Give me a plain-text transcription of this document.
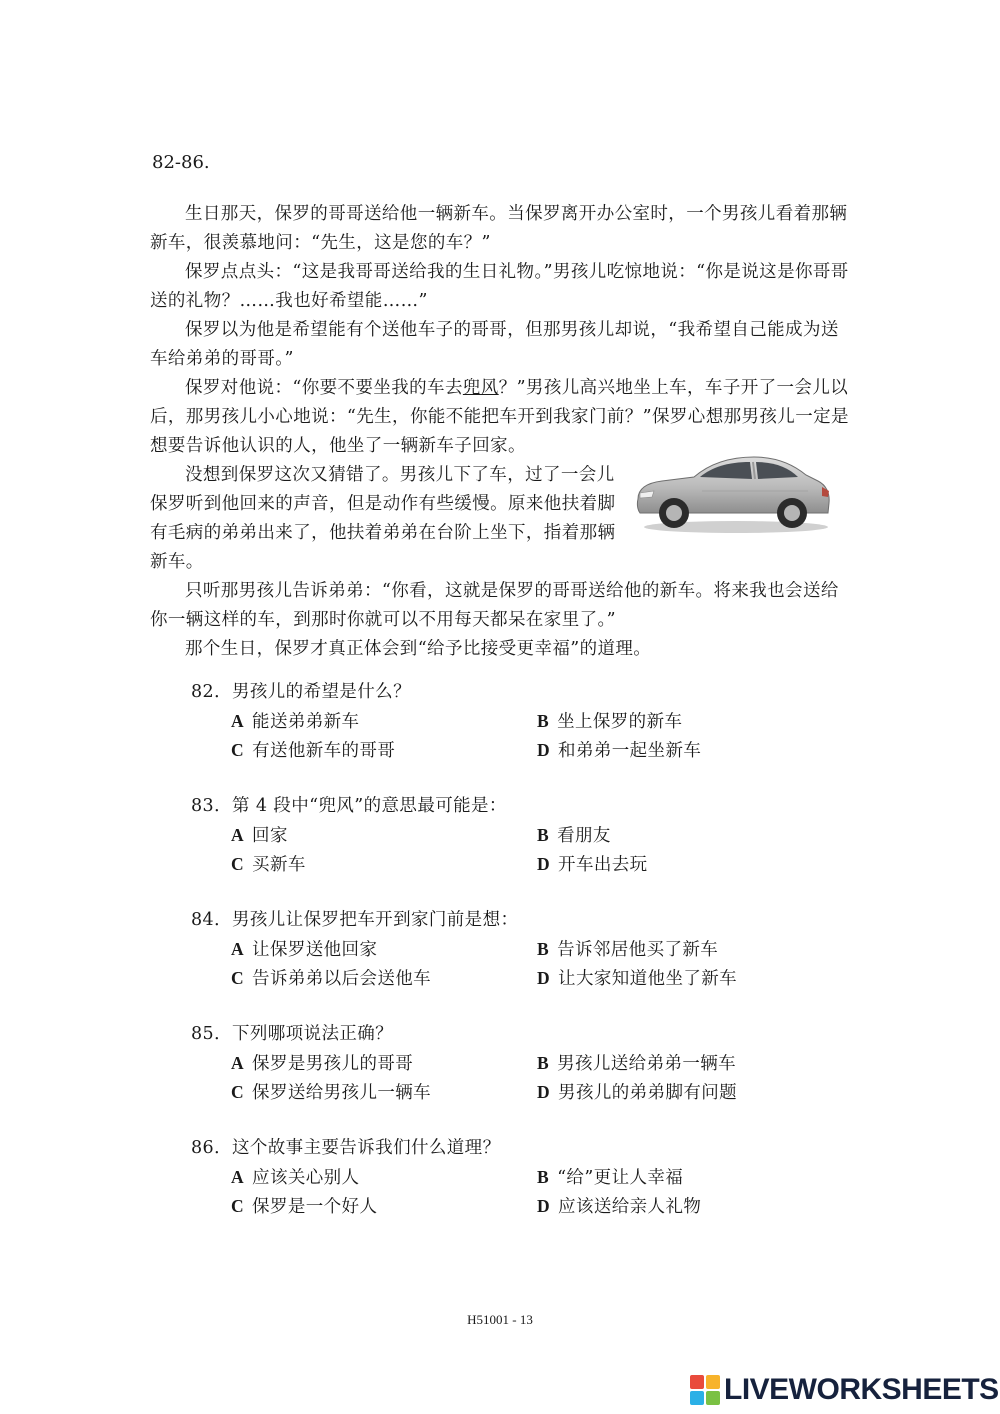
82-86.

生日那天，保罗的哥哥送给他一辆新车。当保罗离开办公室时，一个男孩儿看着那辆新车，很羡慕地问：“先生，这是您的车？”

保罗点点头：“这是我哥哥送给我的生日礼物。”男孩儿吃惊地说：“你是说这是你哥哥送的礼物？……我也好希望能……”

保罗以为他是希望能有个送他车子的哥哥，但那男孩儿却说，“我希望自己能成为送车给弟弟的哥哥。”

保罗对他说：“你要不要坐我的车去兜风？”男孩儿高兴地坐上车，车子开了一会儿以后，那男孩儿小心地说：“先生，你能不能把车开到我家门前？”保罗心想那男孩儿一定是想要告诉他认识的人，他坐了一辆新车子回家。

没想到保罗这次又猜错了。男孩儿下了车，过了一会儿保罗听到他回来的声音，但是动作有些缓慢。原来他扶着脚有毛病的弟弟出来了，他扶着弟弟在台阶上坐下，指着那辆新车。

只听那男孩儿告诉弟弟：“你看，这就是保罗的哥哥送给他的新车。将来我也会送给你一辆这样的车，到那时你就可以不用每天都呆在家里了。”

那个生日，保罗才真正体会到“给予比接受更幸福”的道理。

82．男孩儿的希望是什么？
A 能送弟弟新车	B 坐上保罗的新车
C 有送他新车的哥哥	D 和弟弟一起坐新车
83．第 4 段中“兜风”的意思最可能是：
A 回家	B 看朋友
C 买新车	D 开车出去玩
84．男孩儿让保罗把车开到家门前是想：
A 让保罗送他回家	B 告诉邻居他买了新车
C 告诉弟弟以后会送他车	D 让大家知道他坐了新车
85．下列哪项说法正确？
A 保罗是男孩儿的哥哥	B 男孩儿送给弟弟一辆车
C 保罗送给男孩儿一辆车	D 男孩儿的弟弟脚有问题
86．这个故事主要告诉我们什么道理？
A 应该关心别人	B “给”更让人幸福
C 保罗是一个好人	D 应该送给亲人礼物
H51001 - 13
LIVEWORKSHEETS
